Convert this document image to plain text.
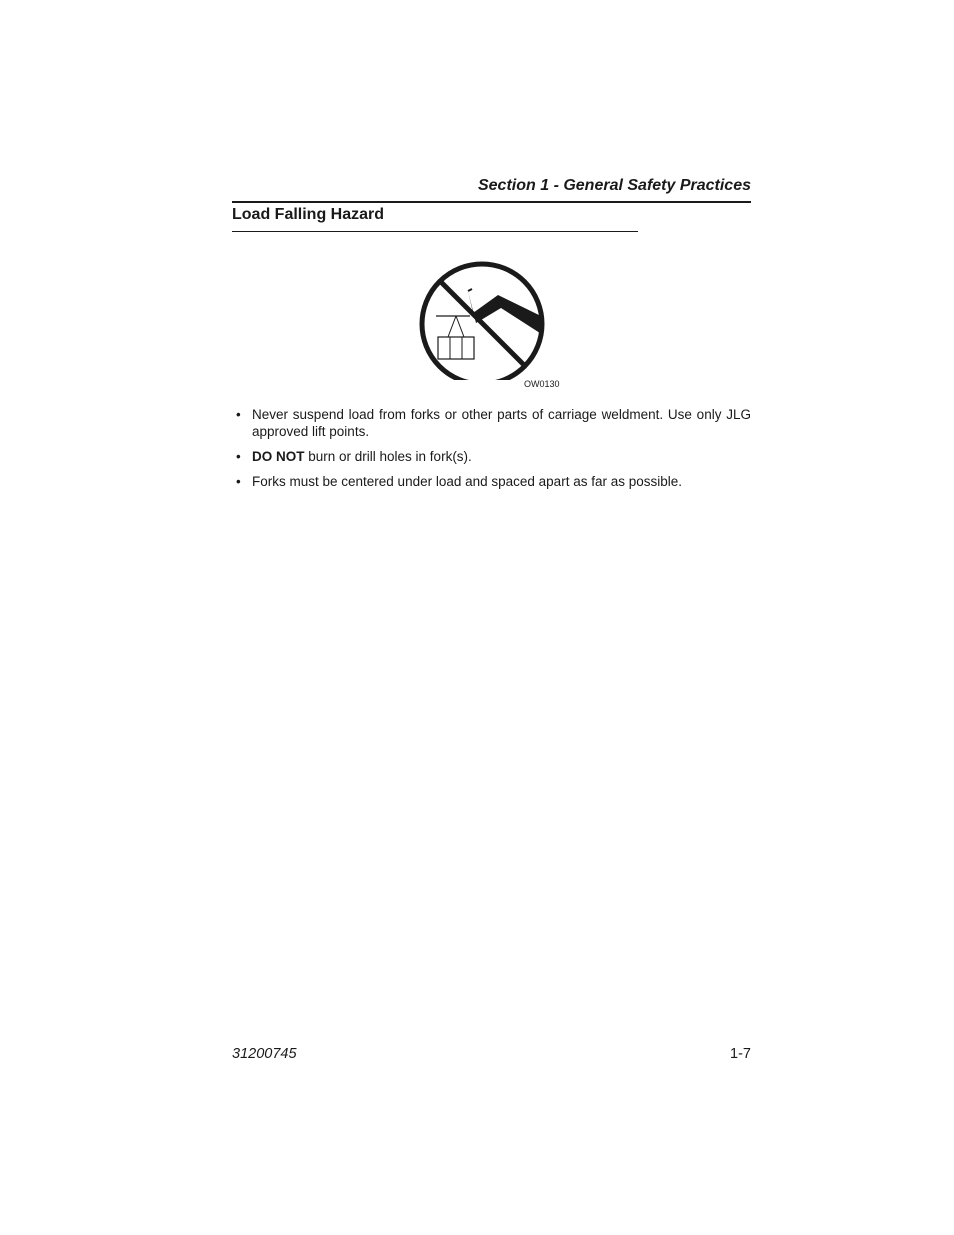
Section 1 - General Safety Practices
Load Falling Hazard
OW0130
• Never suspend load from forks or other parts of carriage weldment. Use only JLG approved lift points.
• DO NOT burn or drill holes in fork(s).
• Forks must be centered under load and spaced apart as far as possible.
31200745	1-7
